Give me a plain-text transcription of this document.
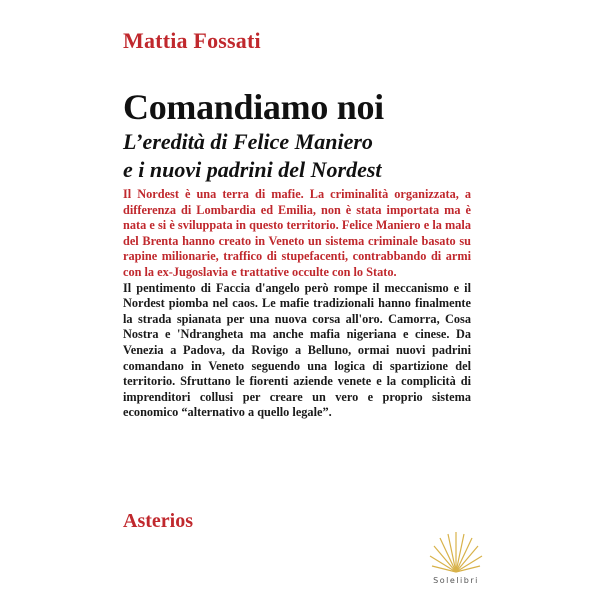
Mattia Fossati
Comandiamo noi
L’eredità di Felice Maniero
e i nuovi padrini del Nordest

Il Nordest è una terra di mafie. La criminalità organizzata, a differenza di Lombardia ed Emilia, non è stata importata ma è nata e si è sviluppata in questo territorio. Felice Maniero e la mala del Brenta hanno creato in Veneto un sistema criminale basato su rapine milionarie, traffico di stupefacenti, contrabbando di armi con la ex-Jugoslavia e trattative occulte con lo Stato.

Il pentimento di Faccia d'angelo però rompe il meccanismo e il Nordest piomba nel caos. Le mafie tradizionali hanno finalmente la strada spianata per una nuova corsa all'oro. Camorra, Cosa Nostra e 'Ndrangheta ma anche mafia nigeriana e cinese. Da Venezia a Padova, da Rovigo a Belluno, ormai nuovi padrini comandano in Veneto seguendo una logica di spartizione del territorio. Sfruttano le fiorenti aziende venete e la complicità di imprenditori collusi per creare un vero e proprio sistema economico “alternativo a quello legale”.

Asterios
Solelibri
